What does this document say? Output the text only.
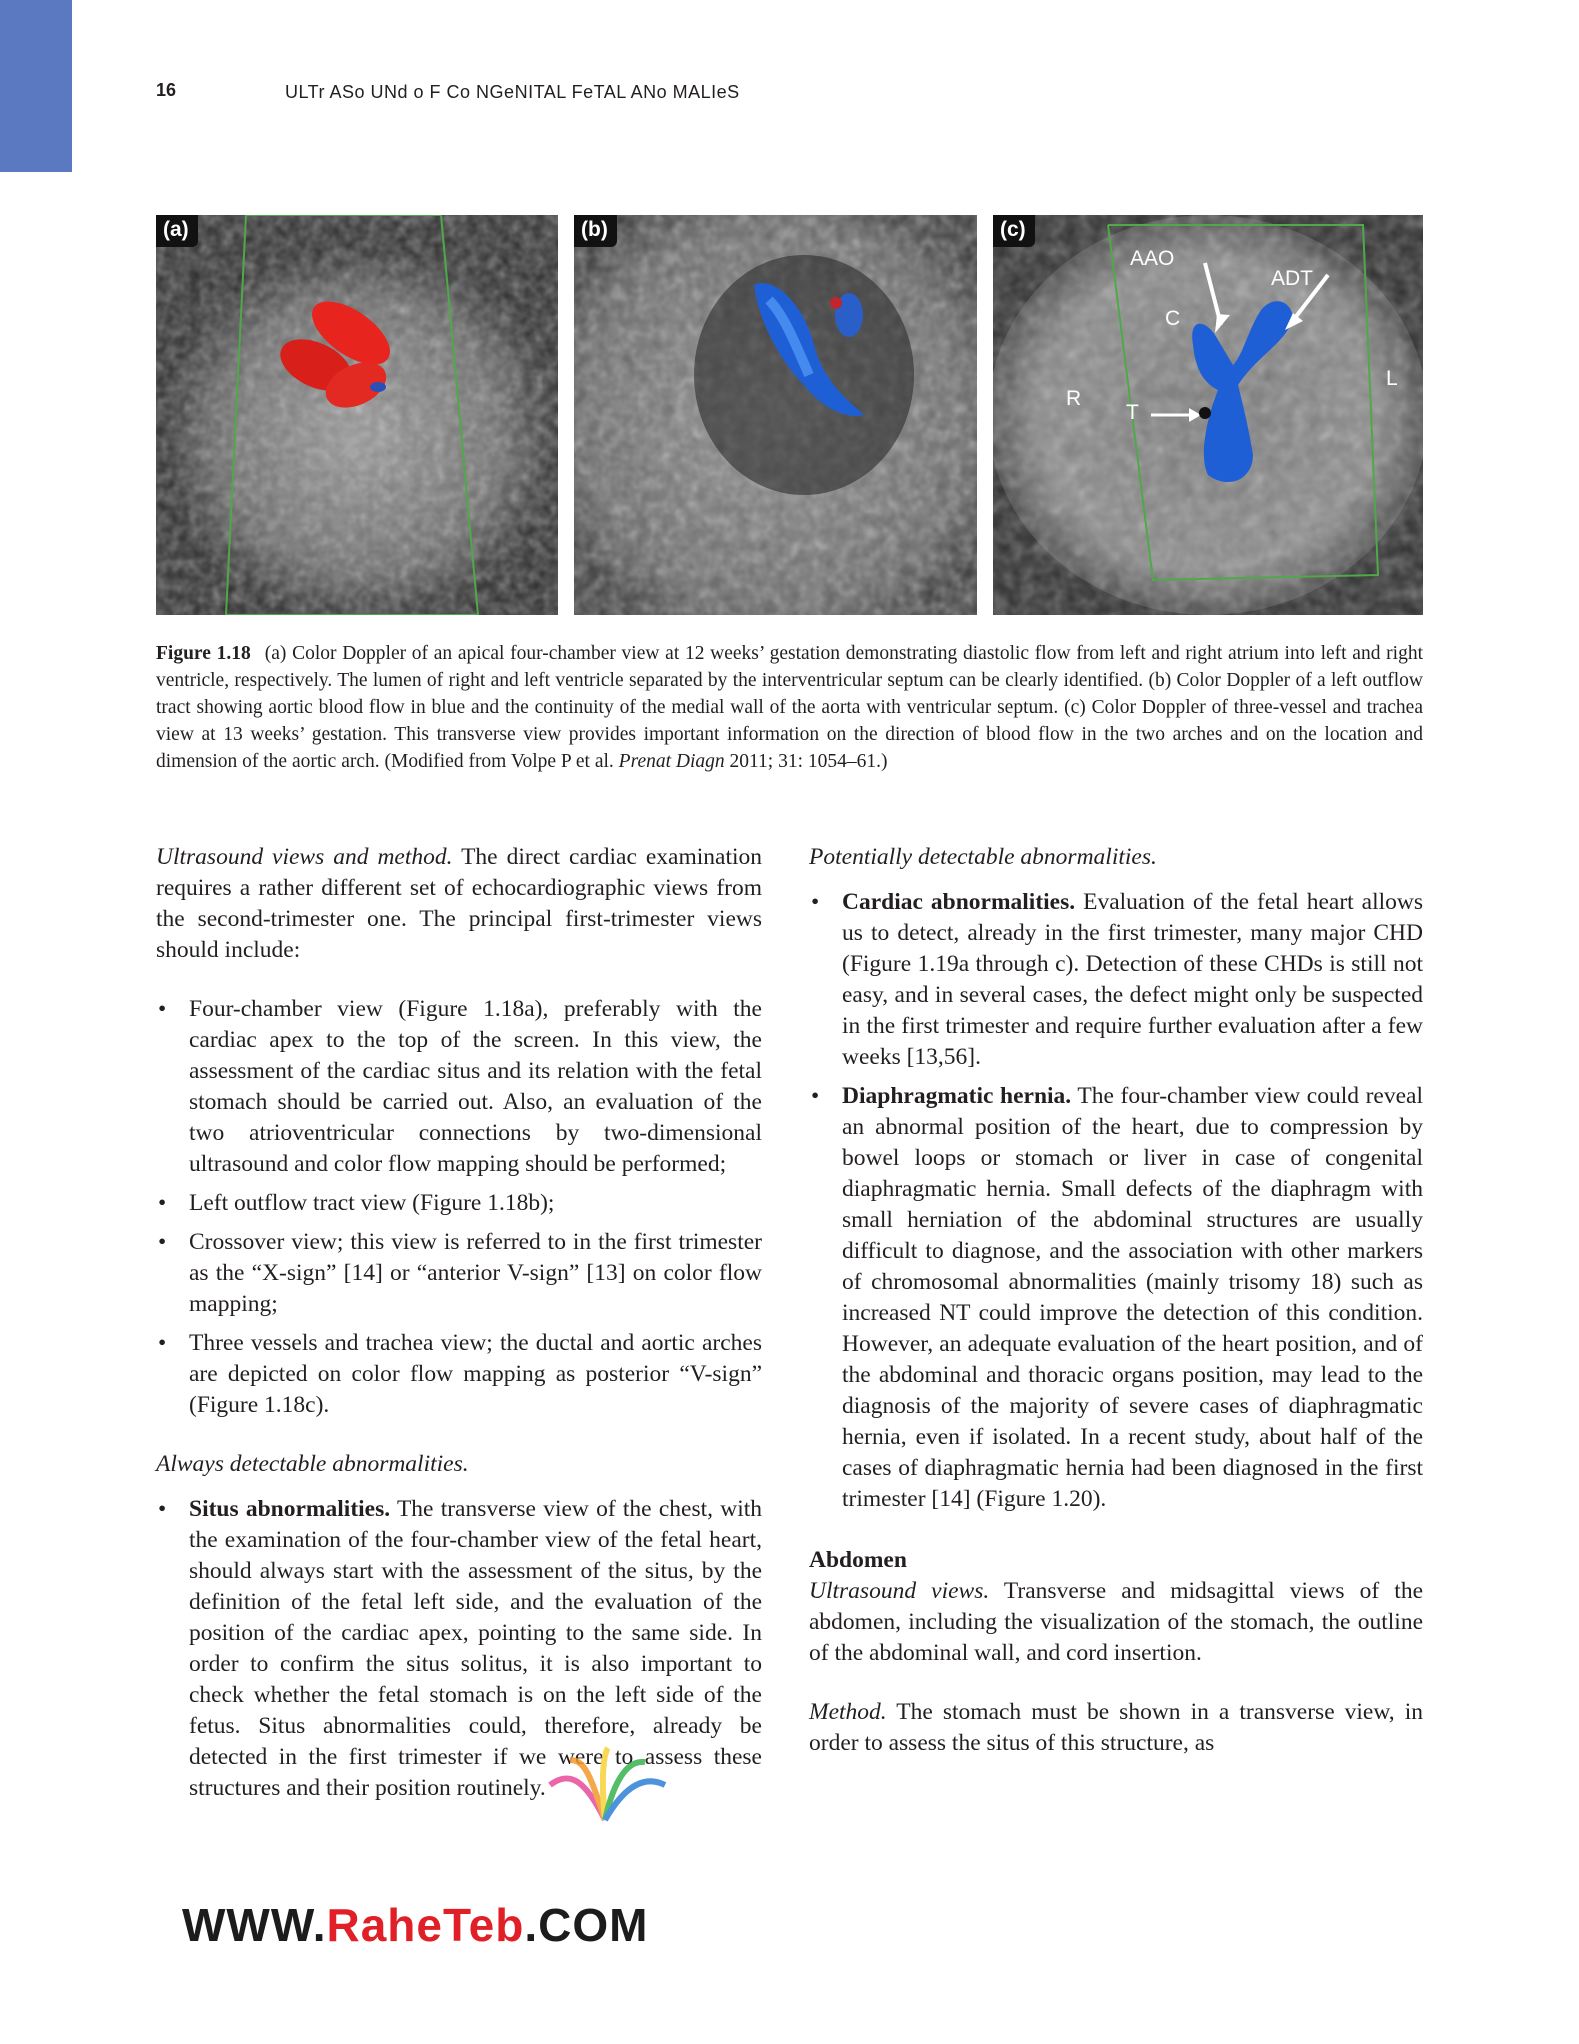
16	ULTr ASo UNd o F Co NGeNITAL FeTAL ANo MALIeS
(a)	(b)	(c)
AAO
ADT
C
R
T
L
Figure 1.18 (a) Color Doppler of an apical four-chamber view at 12 weeks’ gestation demonstrating diastolic flow from left and right atrium into left and right ventricle, respectively. The lumen of right and left ventricle separated by the interventricular septum can be clearly identified. (b) Color Doppler of a left outflow tract showing aortic blood flow in blue and the continuity of the medial wall of the aorta with ventricular septum. (c) Color Doppler of three-vessel and trachea view at 13 weeks’ gestation. This transverse view provides important information on the direction of blood flow in the two arches and on the location and dimension of the aortic arch. (Modified from Volpe P et al. Prenat Diagn 2011; 31: 1054–61.)

Ultrasound views and method. The direct cardiac examination requires a rather different set of echocardiographic views from the second-trimester one. The principal first-trimester views should include:

• Four-chamber view (Figure 1.18a), preferably with the cardiac apex to the top of the screen. In this view, the assessment of the cardiac situs and its relation with the fetal stomach should be carried out. Also, an evaluation of the two atrioventricular connections by two-dimensional ultrasound and color flow mapping should be performed;
• Left outflow tract view (Figure 1.18b);
• Crossover view; this view is referred to in the first trimester as the “X-sign” [14] or “anterior V-sign” [13] on color flow mapping;
• Three vessels and trachea view; the ductal and aortic arches are depicted on color flow mapping as posterior “V-sign” (Figure 1.18c).

Always detectable abnormalities.

• Situs abnormalities. The transverse view of the chest, with the examination of the four-chamber view of the fetal heart, should always start with the assessment of the situs, by the definition of the fetal left side, and the evaluation of the position of the cardiac apex, pointing to the same side. In order to confirm the situs solitus, it is also important to check whether the fetal stomach is on the left side of the fetus. Situs abnormalities could, therefore, already be detected in the first trimester if we were to assess these structures and their position routinely.

Potentially detectable abnormalities.

• Cardiac abnormalities. Evaluation of the fetal heart allows us to detect, already in the first trimester, many major CHD (Figure 1.19a through c). Detection of these CHDs is still not easy, and in several cases, the defect might only be suspected in the first trimester and require further evaluation after a few weeks [13,56].
• Diaphragmatic hernia. The four-chamber view could reveal an abnormal position of the heart, due to compression by bowel loops or stomach or liver in case of congenital diaphragmatic hernia. Small defects of the diaphragm with small herniation of the abdominal structures are usually difficult to diagnose, and the association with other markers of chromosomal abnormalities (mainly trisomy 18) such as increased NT could improve the detection of this condition. However, an adequate evaluation of the heart position, and of the abdominal and thoracic organs position, may lead to the diagnosis of the majority of severe cases of diaphragmatic hernia, even if isolated. In a recent study, about half of the cases of diaphragmatic hernia had been diagnosed in the first trimester [14] (Figure 1.20).

Abdomen

Ultrasound views. Transverse and midsagittal views of the abdomen, including the visualization of the stomach, the outline of the abdominal wall, and cord insertion.

Method. The stomach must be shown in a transverse view, in order to assess the situs of this structure, as

WWW.RaheTeb.COM
